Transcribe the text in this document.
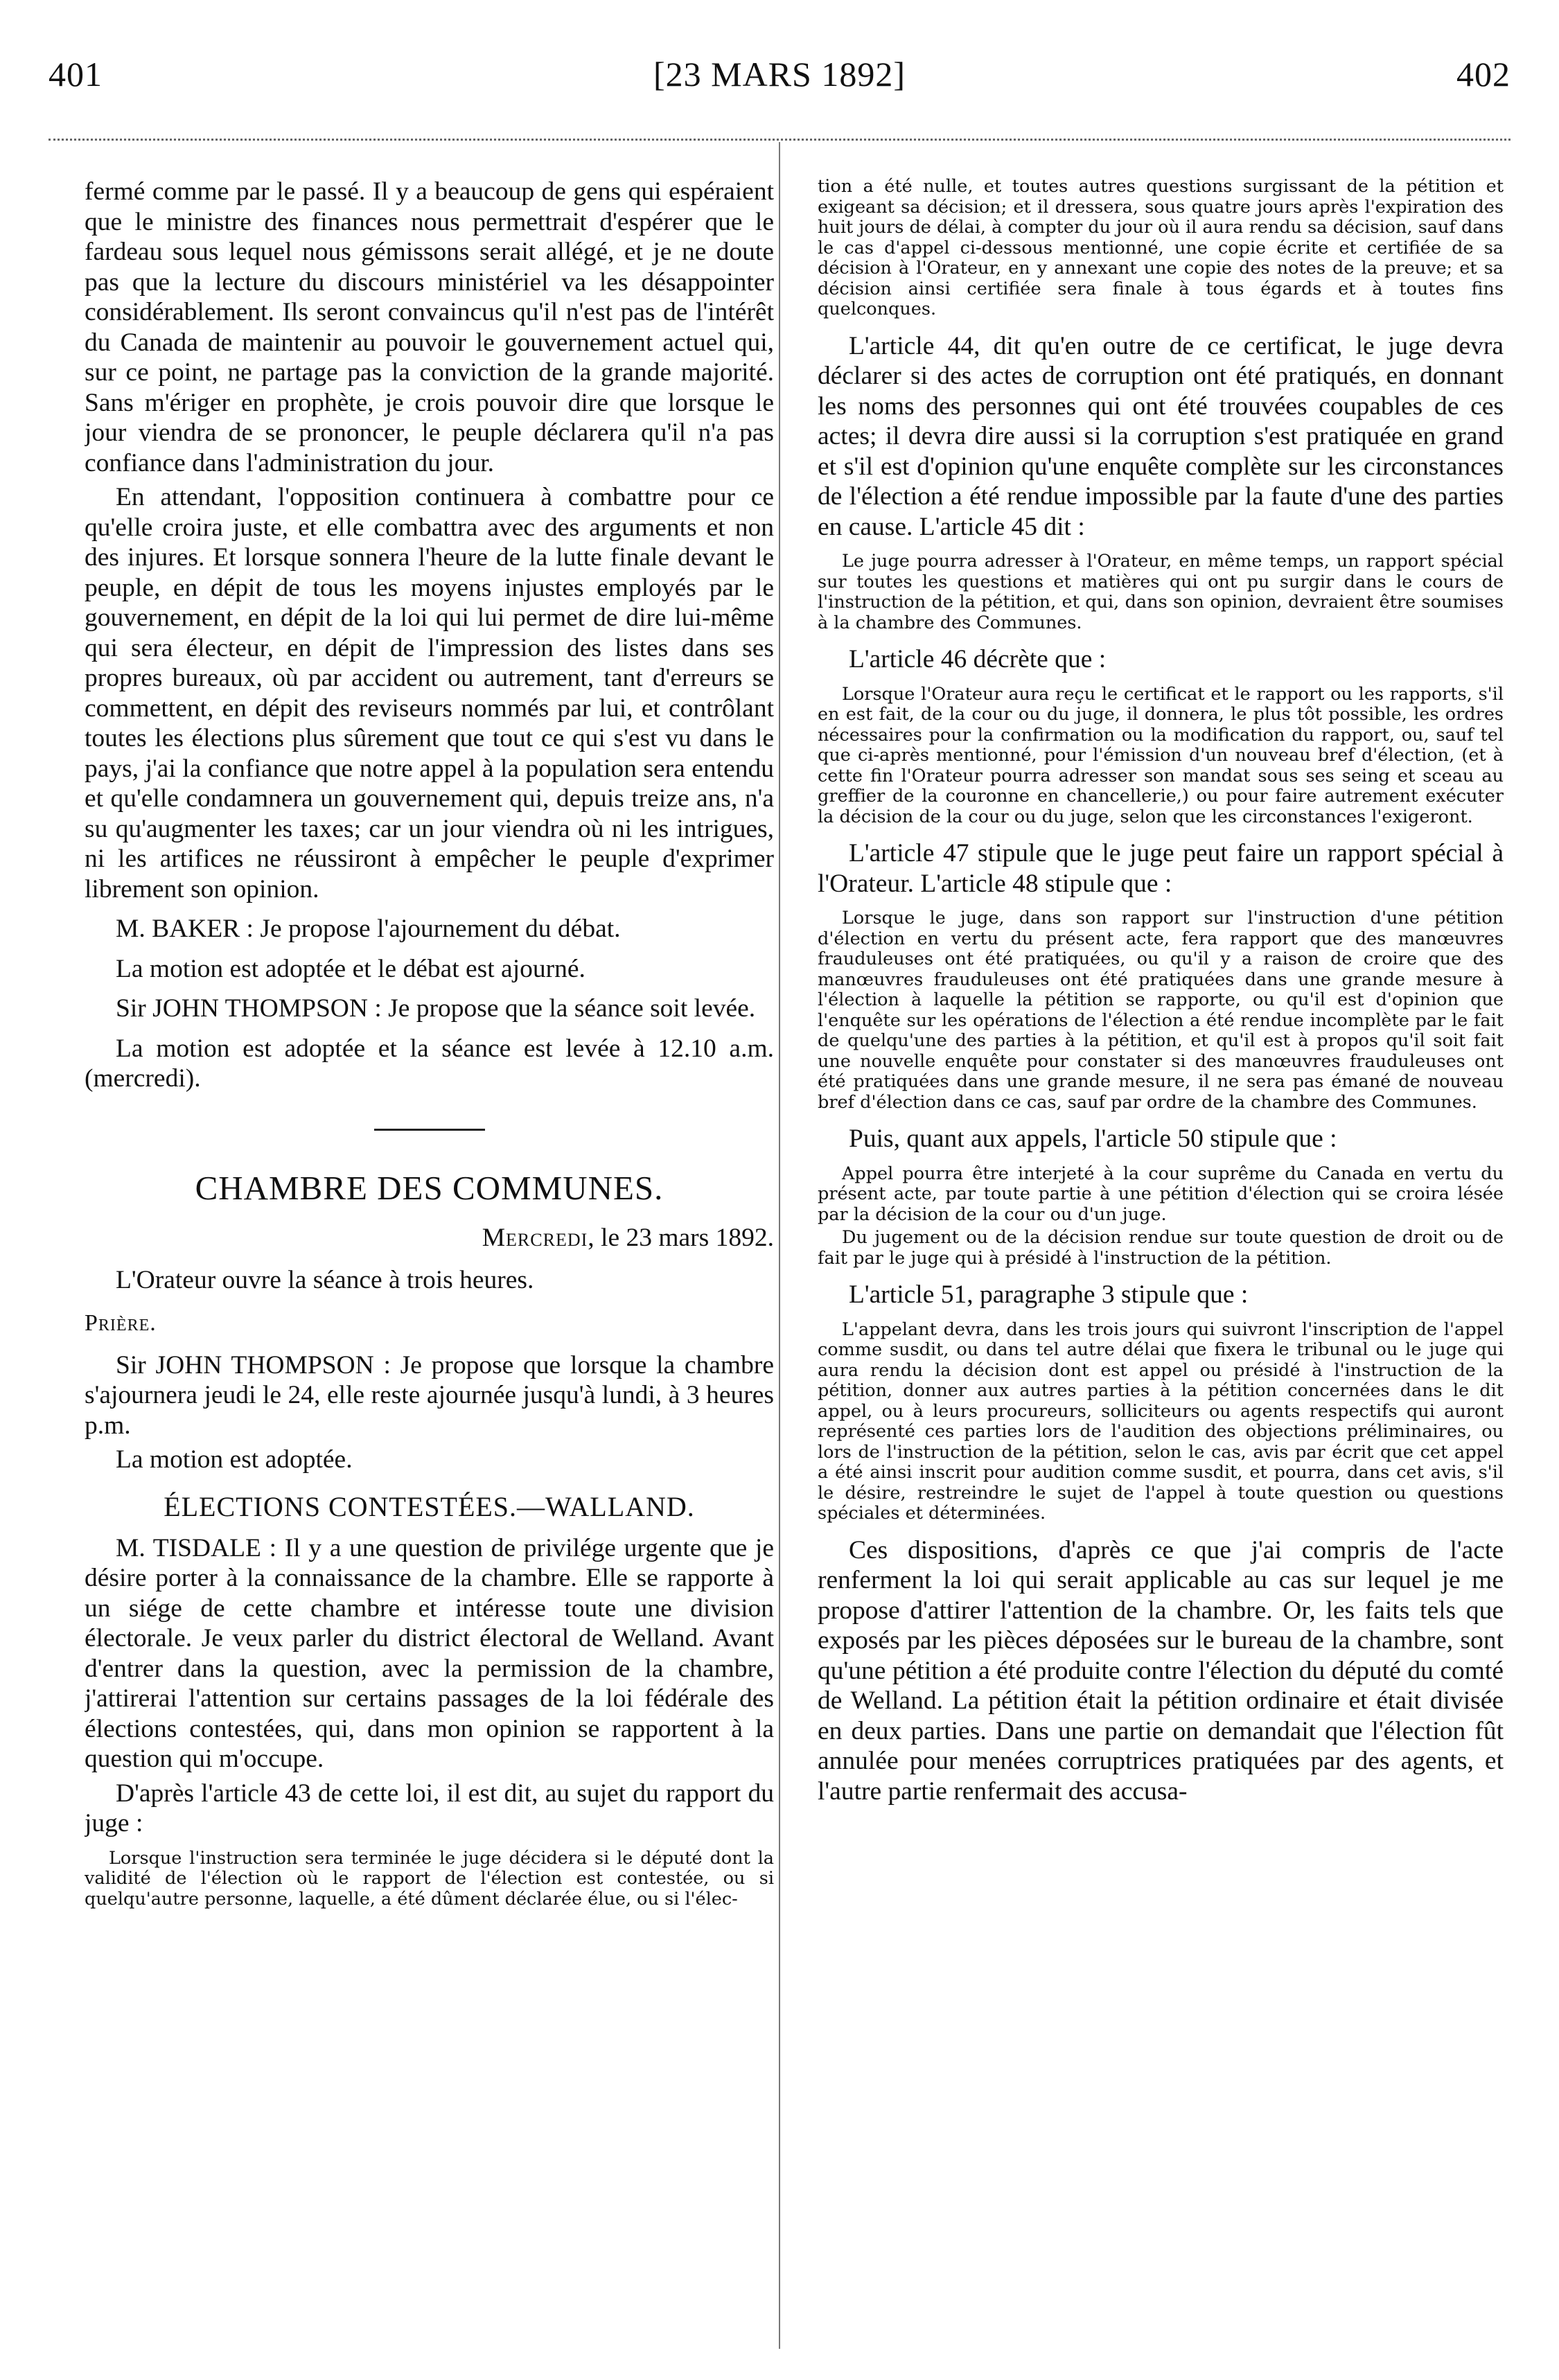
401	[23 MARS 1892]	402

fermé comme par le passé. Il y a beaucoup de gens qui espéraient que le ministre des finances nous permettrait d'espérer que le fardeau sous lequel nous gémissons serait allégé, et je ne doute pas que la lecture du discours ministériel va les désappointer considérablement. Ils seront convaincus qu'il n'est pas de l'intérêt du Canada de maintenir au pouvoir le gouvernement actuel qui, sur ce point, ne partage pas la conviction de la grande majorité. Sans m'ériger en prophète, je crois pouvoir dire que lorsque le jour viendra de se prononcer, le peuple déclarera qu'il n'a pas confiance dans l'administration du jour.

En attendant, l'opposition continuera à combattre pour ce qu'elle croira juste, et elle combattra avec des arguments et non des injures. Et lorsque sonnera l'heure de la lutte finale devant le peuple, en dépit de tous les moyens injustes employés par le gouvernement, en dépit de la loi qui lui permet de dire lui-même qui sera électeur, en dépit de l'impression des listes dans ses propres bureaux, où par accident ou autrement, tant d'erreurs se commettent, en dépit des reviseurs nommés par lui, et contrôlant toutes les élections plus sûrement que tout ce qui s'est vu dans le pays, j'ai la confiance que notre appel à la population sera entendu et qu'elle condamnera un gouvernement qui, depuis treize ans, n'a su qu'augmenter les taxes; car un jour viendra où ni les intrigues, ni les artifices ne réussiront à empêcher le peuple d'exprimer librement son opinion.

M. BAKER : Je propose l'ajournement du débat.

La motion est adoptée et le débat est ajourné.

Sir JOHN THOMPSON : Je propose que la séance soit levée.

La motion est adoptée et la séance est levée à 12.10 a.m. (mercredi).

CHAMBRE DES COMMUNES.
Mercredi, le 23 mars 1892.

L'Orateur ouvre la séance à trois heures.

Prière.

Sir JOHN THOMPSON : Je propose que lorsque la chambre s'ajournera jeudi le 24, elle reste ajournée jusqu'à lundi, à 3 heures p.m.

La motion est adoptée.

ÉLECTIONS CONTESTÉES.—WALLAND.

M. TISDALE : Il y a une question de privilége urgente que je désire porter à la connaissance de la chambre. Elle se rapporte à un siége de cette chambre et intéresse toute une division électorale. Je veux parler du district électoral de Welland. Avant d'entrer dans la question, avec la permission de la chambre, j'attirerai l'attention sur certains passages de la loi fédérale des élections contestées, qui, dans mon opinion se rapportent à la question qui m'occupe.

D'après l'article 43 de cette loi, il est dit, au sujet du rapport du juge :

Lorsque l'instruction sera terminée le juge décidera si le député dont la validité de l'élection où le rapport de l'élection est contestée, ou si quelqu'autre personne, laquelle, a été dûment déclarée élue, ou si l'élec-

tion a été nulle, et toutes autres questions surgissant de la pétition et exigeant sa décision; et il dressera, sous quatre jours après l'expiration des huit jours de délai, à compter du jour où il aura rendu sa décision, sauf dans le cas d'appel ci-dessous mentionné, une copie écrite et certifiée de sa décision à l'Orateur, en y annexant une copie des notes de la preuve; et sa décision ainsi certifiée sera finale à tous égards et à toutes fins quelconques.

L'article 44, dit qu'en outre de ce certificat, le juge devra déclarer si des actes de corruption ont été pratiqués, en donnant les noms des personnes qui ont été trouvées coupables de ces actes; il devra dire aussi si la corruption s'est pratiquée en grand et s'il est d'opinion qu'une enquête complète sur les circonstances de l'élection a été rendue impossible par la faute d'une des parties en cause. L'article 45 dit :

Le juge pourra adresser à l'Orateur, en même temps, un rapport spécial sur toutes les questions et matières qui ont pu surgir dans le cours de l'instruction de la pétition, et qui, dans son opinion, devraient être soumises à la chambre des Communes.

L'article 46 décrète que :

Lorsque l'Orateur aura reçu le certificat et le rapport ou les rapports, s'il en est fait, de la cour ou du juge, il donnera, le plus tôt possible, les ordres nécessaires pour la confirmation ou la modification du rapport, ou, sauf tel que ci-après mentionné, pour l'émission d'un nouveau bref d'élection, (et à cette fin l'Orateur pourra adresser son mandat sous ses seing et sceau au greffier de la couronne en chancellerie,) ou pour faire autrement exécuter la décision de la cour ou du juge, selon que les circonstances l'exigeront.

L'article 47 stipule que le juge peut faire un rapport spécial à l'Orateur. L'article 48 stipule que :

Lorsque le juge, dans son rapport sur l'instruction d'une pétition d'élection en vertu du présent acte, fera rapport que des manœuvres frauduleuses ont été pratiquées, ou qu'il y a raison de croire que des manœuvres frauduleuses ont été pratiquées dans une grande mesure à l'élection à laquelle la pétition se rapporte, ou qu'il est d'opinion que l'enquête sur les opérations de l'élection a été rendue incomplète par le fait de quelqu'une des parties à la pétition, et qu'il est à propos qu'il soit fait une nouvelle enquête pour constater si des manœuvres frauduleuses ont été pratiquées dans une grande mesure, il ne sera pas émané de nouveau bref d'élection dans ce cas, sauf par ordre de la chambre des Communes.

Puis, quant aux appels, l'article 50 stipule que :

Appel pourra être interjeté à la cour suprême du Canada en vertu du présent acte, par toute partie à une pétition d'élection qui se croira lésée par la décision de la cour ou d'un juge.

Du jugement ou de la décision rendue sur toute question de droit ou de fait par le juge qui à présidé à l'instruction de la pétition.

L'article 51, paragraphe 3 stipule que :

L'appelant devra, dans les trois jours qui suivront l'inscription de l'appel comme susdit, ou dans tel autre délai que fixera le tribunal ou le juge qui aura rendu la décision dont est appel ou présidé à l'instruction de la pétition, donner aux autres parties à la pétition concernées dans le dit appel, ou à leurs procureurs, solliciteurs ou agents respectifs qui auront représenté ces parties lors de l'audition des objections préliminaires, ou lors de l'instruction de la pétition, selon le cas, avis par écrit que cet appel a été ainsi inscrit pour audition comme susdit, et pourra, dans cet avis, s'il le désire, restreindre le sujet de l'appel à toute question ou questions spéciales et déterminées.

Ces dispositions, d'après ce que j'ai compris de l'acte renferment la loi qui serait applicable au cas sur lequel je me propose d'attirer l'attention de la chambre. Or, les faits tels que exposés par les pièces déposées sur le bureau de la chambre, sont qu'une pétition a été produite contre l'élection du député du comté de Welland. La pétition était la pétition ordinaire et était divisée en deux parties. Dans une partie on demandait que l'élection fût annulée pour menées corruptrices pratiquées par des agents, et l'autre partie renfermait des accusa-
